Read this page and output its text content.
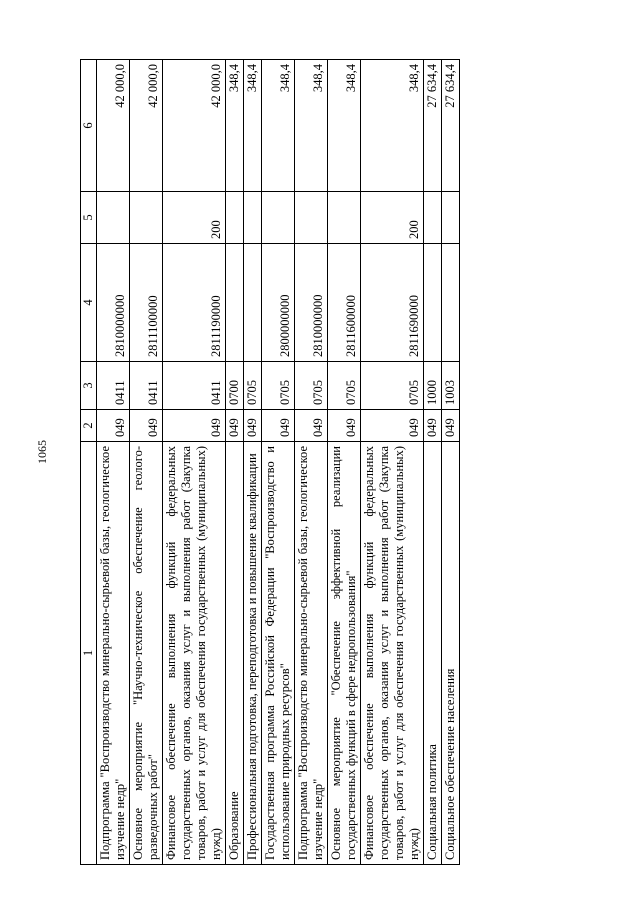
1065
1	2	3	4	5	6
Подпрограмма "Воспроизводство минерально-сырьевой базы, геологическое изучение недр"	049	0411	2810000000		42 000,0
Основное мероприятие "Научно-техническое обеспечение геолого-разведочных работ"	049	0411	2811100000		42 000,0
Финансовое обеспечение выполнения функций федеральных государственных органов, оказания услуг и выполнения работ (Закупка товаров, работ и услуг для обеспечения государственных (муниципальных) нужд)	049	0411	2811190000	200	42 000,0
Образование	049	0700			348,4
Профессиональная подготовка, переподготовка и повышение квалификации	049	0705			348,4
Государственная программа Российской Федерации "Воспроизводство и использование природных ресурсов"	049	0705	2800000000		348,4
Подпрограмма "Воспроизводство минерально-сырьевой базы, геологическое изучение недр"	049	0705	2810000000		348,4
Основное мероприятие "Обеспечение эффективной реализации государственных функций в сфере недропользования"	049	0705	2811600000		348,4
Финансовое обеспечение выполнения функций федеральных государственных органов, оказания услуг и выполнения работ (Закупка товаров, работ и услуг для обеспечения государственных (муниципальных) нужд)	049	0705	2811690000	200	348,4
Социальная политика	049	1000			27 634,4
Социальное обеспечение населения	049	1003			27 634,4
